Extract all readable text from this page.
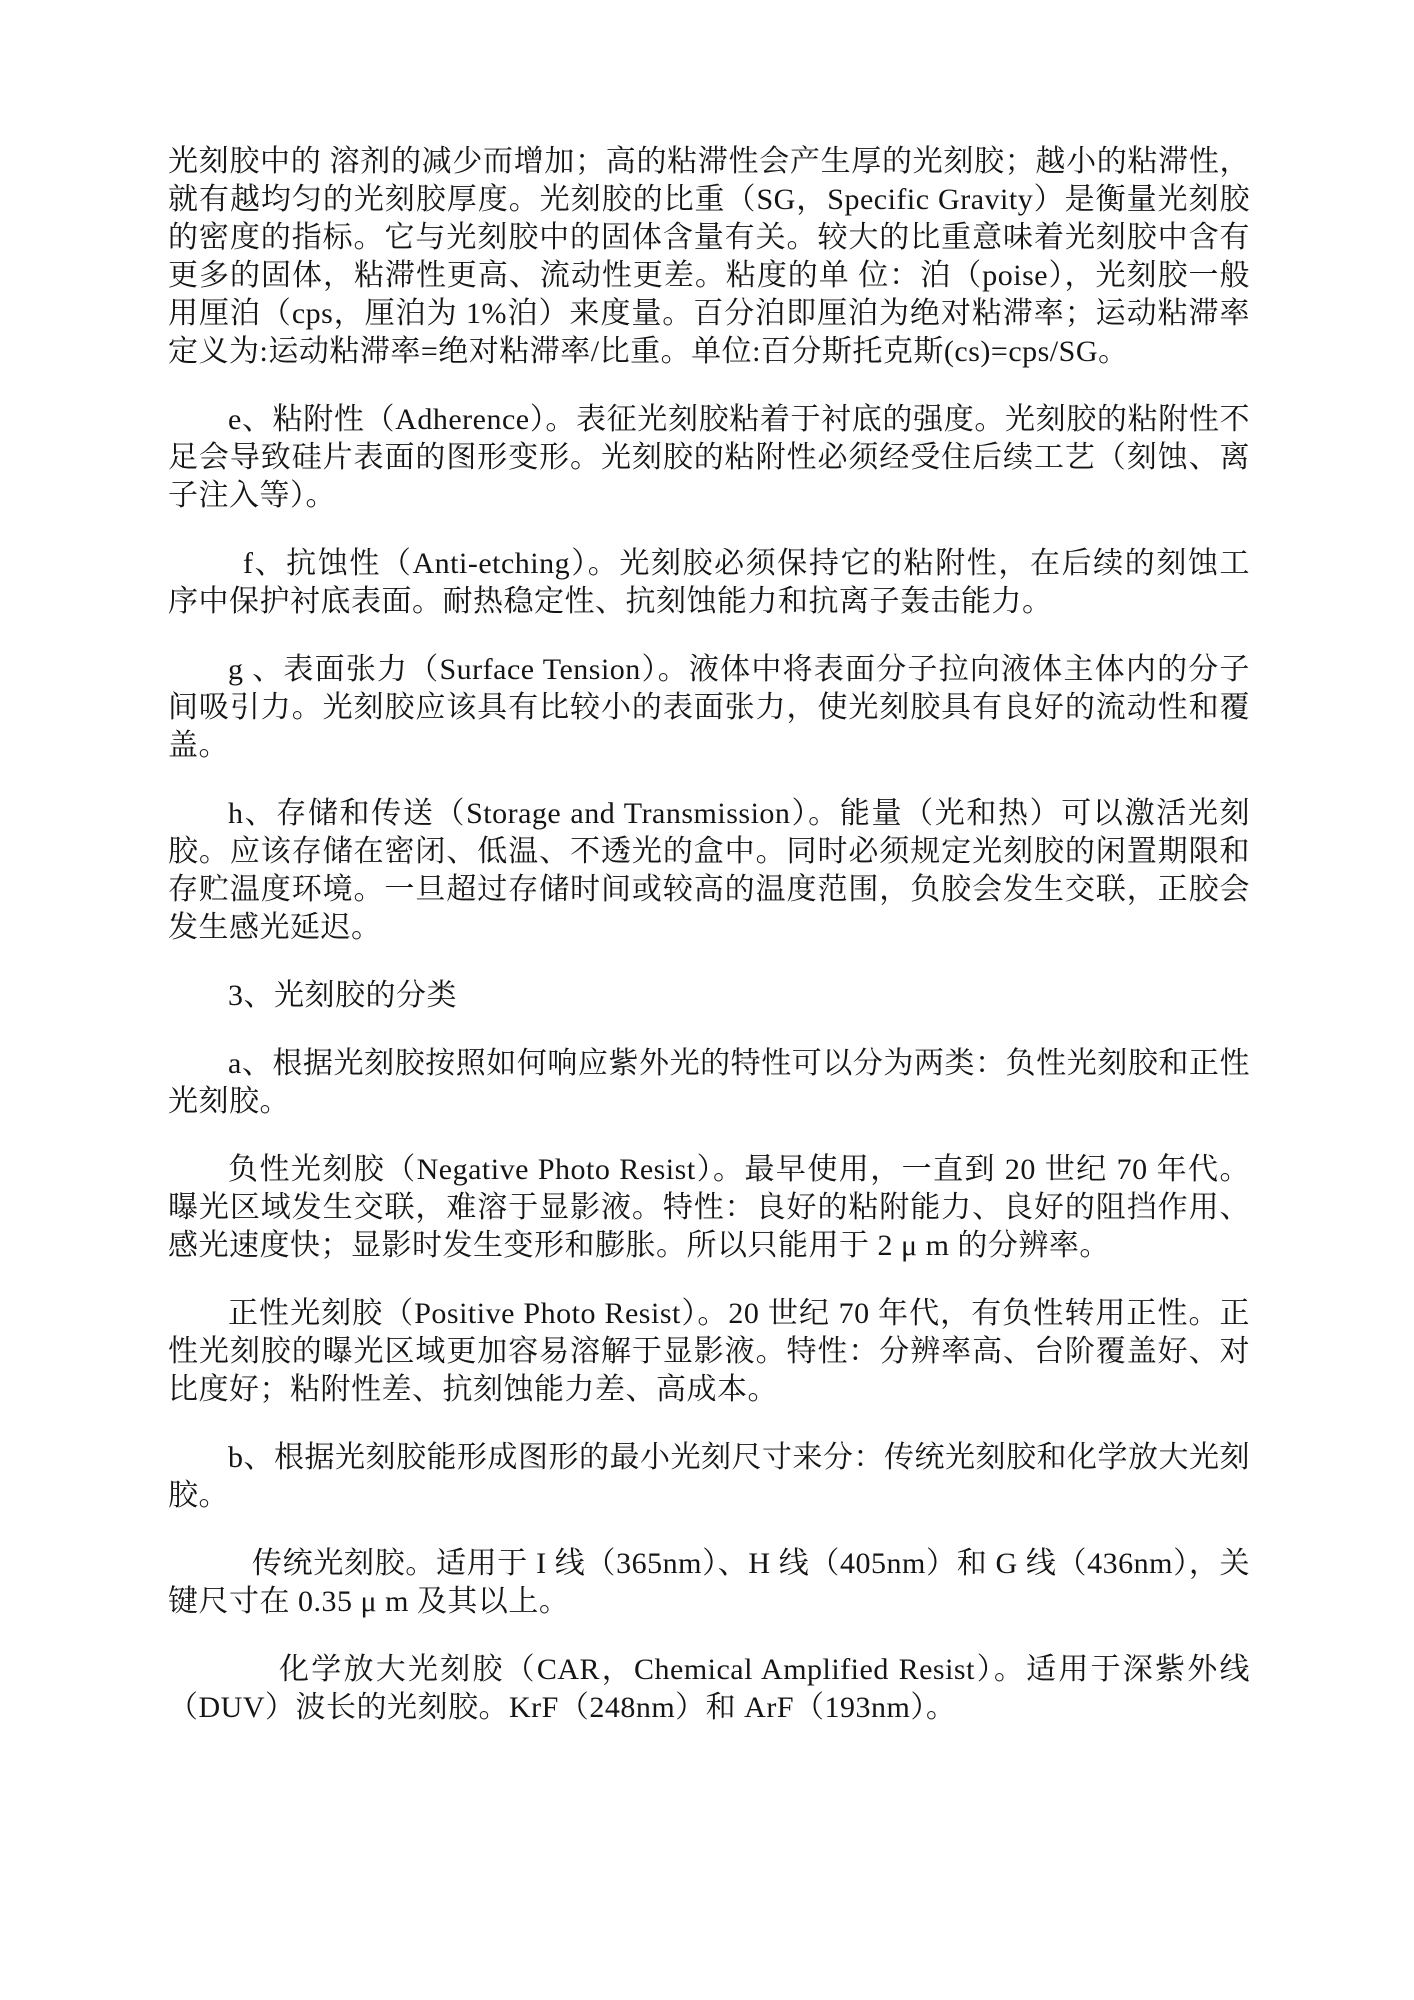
光刻胶中的 溶剂的减少而增加；高的粘滞性会产生厚的光刻胶；越小的粘滞性，就有越均匀的光刻胶厚度。光刻胶的比重（SG，Specific Gravity）是衡量光刻胶的密度的指标。它与光刻胶中的固体含量有关。较大的比重意味着光刻胶中含有更多的固体，粘滞性更高、流动性更差。粘度的单 位：泊（poise），光刻胶一般用厘泊（cps，厘泊为 1%泊）来度量。百分泊即厘泊为绝对粘滞率；运动粘滞率定义为:运动粘滞率=绝对粘滞率/比重。单位:百分斯托克斯(cs)=cps/SG。

e、粘附性（Adherence）。表征光刻胶粘着于衬底的强度。光刻胶的粘附性不足会导致硅片表面的图形变形。光刻胶的粘附性必须经受住后续工艺（刻蚀、离子注入等）。

f、抗蚀性（Anti-etching）。光刻胶必须保持它的粘附性，在后续的刻蚀工序中保护衬底表面。耐热稳定性、抗刻蚀能力和抗离子轰击能力。

g 、表面张力（Surface Tension）。液体中将表面分子拉向液体主体内的分子间吸引力。光刻胶应该具有比较小的表面张力，使光刻胶具有良好的流动性和覆盖。

h、存储和传送（Storage and Transmission）。能量（光和热）可以激活光刻胶。应该存储在密闭、低温、不透光的盒中。同时必须规定光刻胶的闲置期限和存贮温度环境。一旦超过存储时间或较高的温度范围，负胶会发生交联，正胶会发生感光延迟。

3、光刻胶的分类

a、根据光刻胶按照如何响应紫外光的特性可以分为两类：负性光刻胶和正性光刻胶。

负性光刻胶（Negative Photo Resist）。最早使用，一直到 20 世纪 70 年代。曝光区域发生交联，难溶于显影液。特性：良好的粘附能力、良好的阻挡作用、感光速度快；显影时发生变形和膨胀。所以只能用于 2 μ m 的分辨率。

正性光刻胶（Positive Photo Resist）。20 世纪 70 年代，有负性转用正性。正性光刻胶的曝光区域更加容易溶解于显影液。特性：分辨率高、台阶覆盖好、对比度好；粘附性差、抗刻蚀能力差、高成本。

b、根据光刻胶能形成图形的最小光刻尺寸来分：传统光刻胶和化学放大光刻胶。

传统光刻胶。适用于 I 线（365nm）、H 线（405nm）和 G 线（436nm），关键尺寸在 0.35 μ m 及其以上。

化学放大光刻胶（CAR，Chemical Amplified Resist）。适用于深紫外线（DUV）波长的光刻胶。KrF（248nm）和 ArF（193nm）。
